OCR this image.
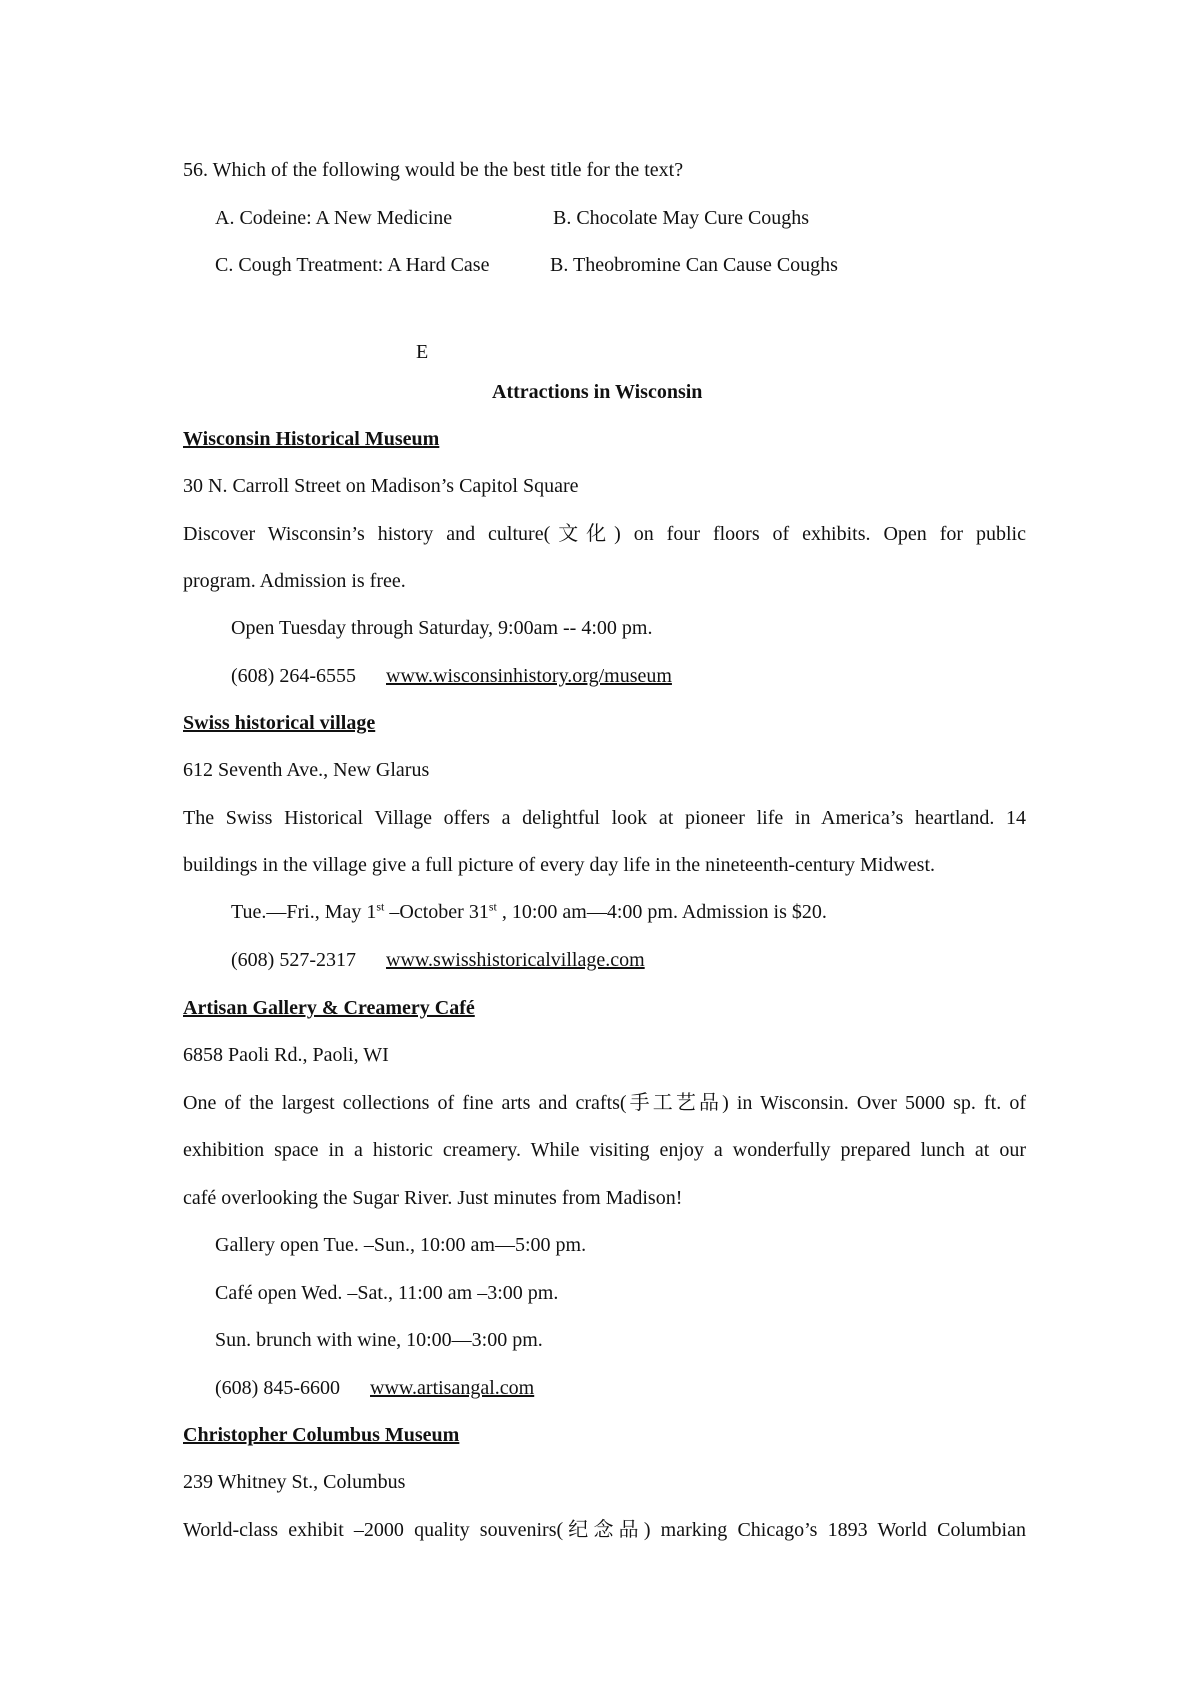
56. Which of the following would be the best title for the text?
A. Codeine: A New Medicine	B. Chocolate May Cure Coughs
C. Cough Treatment: A Hard Case	B. Theobromine Can Cause Coughs
E
Attractions in Wisconsin
Wisconsin Historical Museum
30 N. Carroll Street on Madison’s Capitol Square
Discover Wisconsin’s history and culture(文化) on four floors of exhibits. Open for public
program. Admission is free.
Open Tuesday through Saturday, 9:00am -- 4:00 pm.
(608) 264-6555 www.wisconsinhistory.org/museum
Swiss historical village
612 Seventh Ave., New Glarus
The Swiss Historical Village offers a delightful look at pioneer life in America’s heartland. 14
buildings in the village give a full picture of every day life in the nineteenth-century Midwest.
Tue.—Fri., May 1st –October 31st , 10:00 am—4:00 pm. Admission is $20.
(608) 527-2317 www.swisshistoricalvillage.com
Artisan Gallery & Creamery Café
6858 Paoli Rd., Paoli, WI
One of the largest collections of fine arts and crafts(手工艺品) in Wisconsin. Over 5000 sp. ft. of
exhibition space in a historic creamery. While visiting enjoy a wonderfully prepared lunch at our
café overlooking the Sugar River. Just minutes from Madison!
Gallery open Tue. –Sun., 10:00 am—5:00 pm.
Café open Wed. –Sat., 11:00 am –3:00 pm.
Sun. brunch with wine, 10:00—3:00 pm.
(608) 845-6600 www.artisangal.com
Christopher Columbus Museum
239 Whitney St., Columbus
World-class exhibit –2000 quality souvenirs(纪念品) marking Chicago’s 1893 World Columbian
